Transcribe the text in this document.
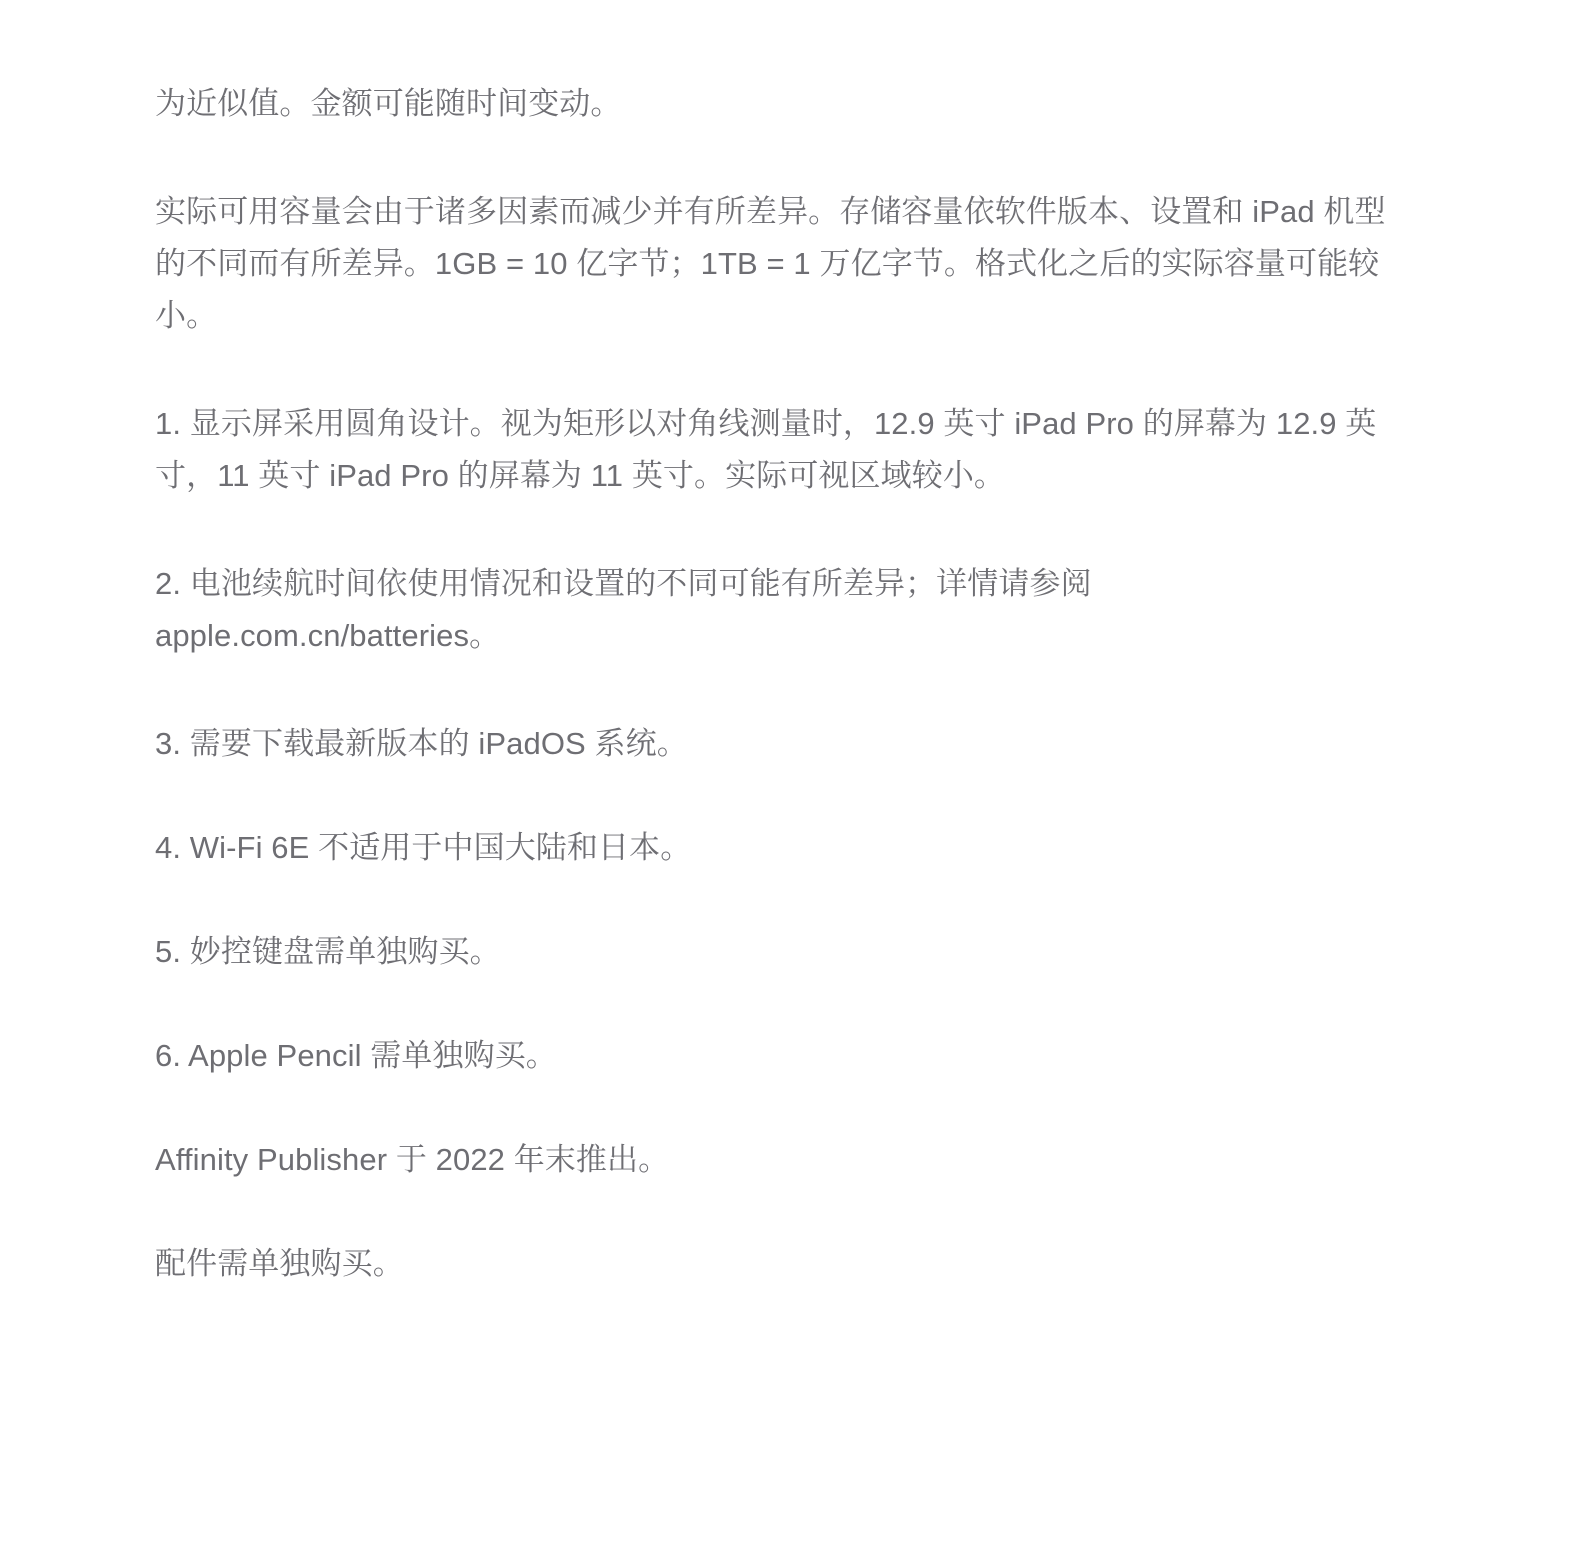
为近似值。金额可能随时间变动。

实际可用容量会由于诸多因素而减少并有所差异。存储容量依软件版本、设置和 iPad 机型的不同而有所差异。1GB = 10 亿字节；1TB = 1 万亿字节。格式化之后的实际容量可能较小。

1. 显示屏采用圆角设计。视为矩形以对角线测量时，12.9 英寸 iPad Pro 的屏幕为 12.9 英寸，11 英寸 iPad Pro 的屏幕为 11 英寸。实际可视区域较小。

2. 电池续航时间依使用情况和设置的不同可能有所差异；详情请参阅 apple.com.cn/batteries。

3. 需要下载最新版本的 iPadOS 系统。

4. Wi‑Fi 6E 不适用于中国大陆和日本。

5. 妙控键盘需单独购买。

6. Apple Pencil 需单独购买。

Affinity Publisher 于 2022 年末推出。

配件需单独购买。
